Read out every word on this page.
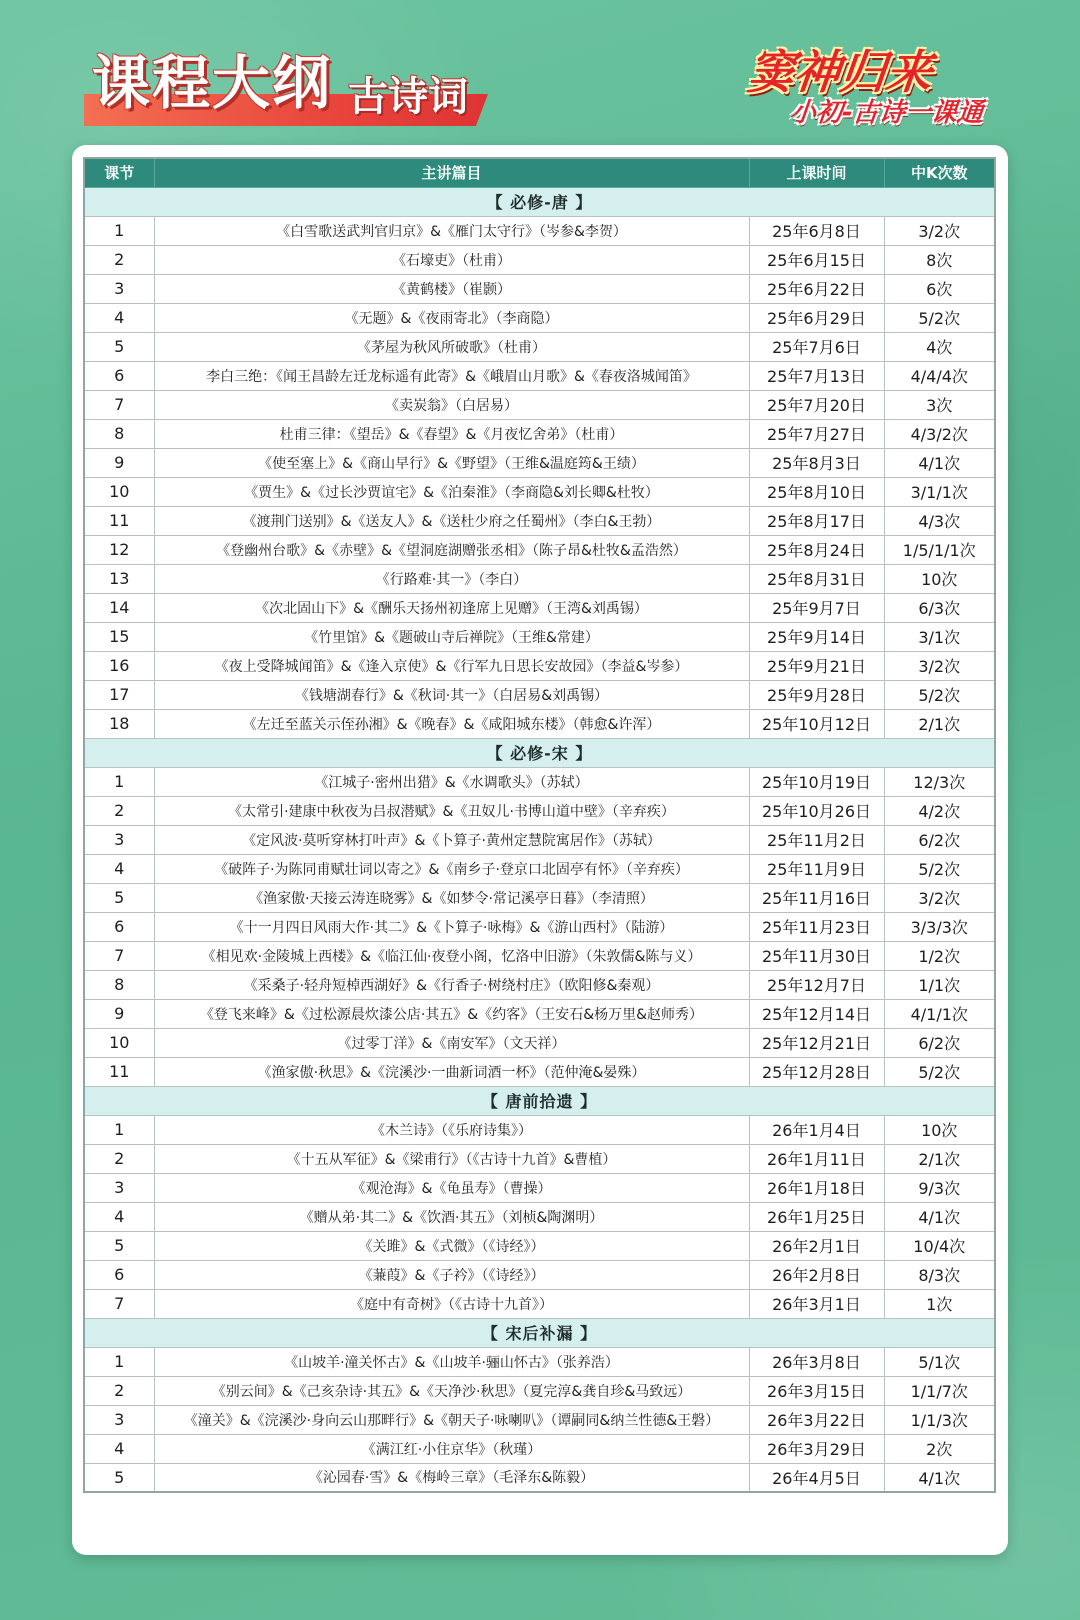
课程大纲 古诗词	窦神归来
小初-古诗一课通
课节	主讲篇目	上课时间	中K次数
【 必修-唐 】			
1	《白雪歌送武判官归京》&《雁门太守行》（岑参&李贺）	25年6月8日	3/2次
2	《石壕吏》（杜甫）	25年6月15日	8次
3	《黄鹤楼》（崔颢）	25年6月22日	6次
4	《无题》&《夜雨寄北》（李商隐）	25年6月29日	5/2次
5	《茅屋为秋风所破歌》（杜甫）	25年7月6日	4次
6	李白三绝：《闻王昌龄左迁龙标遥有此寄》&《峨眉山月歌》&《春夜洛城闻笛》	25年7月13日	4/4/4次
7	《卖炭翁》（白居易）	25年7月20日	3次
8	杜甫三律：《望岳》&《春望》&《月夜忆舍弟》（杜甫）	25年7月27日	4/3/2次
9	《使至塞上》&《商山早行》&《野望》（王维&温庭筠&王绩）	25年8月3日	4/1次
10	《贾生》&《过长沙贾谊宅》&《泊秦淮》（李商隐&刘长卿&杜牧）	25年8月10日	3/1/1次
11	《渡荆门送别》&《送友人》&《送杜少府之任蜀州》（李白&王勃）	25年8月17日	4/3次
12	《登幽州台歌》&《赤壁》&《望洞庭湖赠张丞相》（陈子昂&杜牧&孟浩然）	25年8月24日	1/5/1/1次
13	《行路难·其一》（李白）	25年8月31日	10次
14	《次北固山下》&《酬乐天扬州初逢席上见赠》（王湾&刘禹锡）	25年9月7日	6/3次
15	《竹里馆》&《题破山寺后禅院》（王维&常建）	25年9月14日	3/1次
16	《夜上受降城闻笛》&《逢入京使》&《行军九日思长安故园》（李益&岑参）	25年9月21日	3/2次
17	《钱塘湖春行》&《秋词·其一》（白居易&刘禹锡）	25年9月28日	5/2次
18	《左迁至蓝关示侄孙湘》&《晚春》&《咸阳城东楼》（韩愈&许浑）	25年10月12日	2/1次
【 必修-宋 】			
1	《江城子·密州出猎》&《水调歌头》（苏轼）	25年10月19日	12/3次
2	《太常引·建康中秋夜为吕叔潜赋》&《丑奴儿·书博山道中壁》（辛弃疾）	25年10月26日	4/2次
3	《定风波·莫听穿林打叶声》&《卜算子·黄州定慧院寓居作》（苏轼）	25年11月2日	6/2次
4	《破阵子·为陈同甫赋壮词以寄之》&《南乡子·登京口北固亭有怀》（辛弃疾）	25年11月9日	5/2次
5	《渔家傲·天接云涛连晓雾》&《如梦令·常记溪亭日暮》（李清照）	25年11月16日	3/2次
6	《十一月四日风雨大作·其二》&《卜算子·咏梅》&《游山西村》（陆游）	25年11月23日	3/3/3次
7	《相见欢·金陵城上西楼》&《临江仙·夜登小阁，忆洛中旧游》（朱敦儒&陈与义）	25年11月30日	1/2次
8	《采桑子·轻舟短棹西湖好》&《行香子·树绕村庄》（欧阳修&秦观）	25年12月7日	1/1次
9	《登飞来峰》&《过松源晨炊漆公店·其五》&《约客》（王安石&杨万里&赵师秀）	25年12月14日	4/1/1次
10	《过零丁洋》&《南安军》（文天祥）	25年12月21日	6/2次
11	《渔家傲·秋思》&《浣溪沙·一曲新词酒一杯》（范仲淹&晏殊）	25年12月28日	5/2次
【 唐前拾遗 】			
1	《木兰诗》（《乐府诗集》）	26年1月4日	10次
2	《十五从军征》&《梁甫行》（《古诗十九首》&曹植）	26年1月11日	2/1次
3	《观沧海》&《龟虽寿》（曹操）	26年1月18日	9/3次
4	《赠从弟·其二》&《饮酒·其五》（刘桢&陶渊明）	26年1月25日	4/1次
5	《关雎》&《式微》（《诗经》）	26年2月1日	10/4次
6	《蒹葭》&《子衿》（《诗经》）	26年2月8日	8/3次
7	《庭中有奇树》（《古诗十九首》）	26年3月1日	1次
【 宋后补漏 】			
1	《山坡羊·潼关怀古》&《山坡羊·骊山怀古》（张养浩）	26年3月8日	5/1次
2	《别云间》&《己亥杂诗·其五》&《天净沙·秋思》（夏完淳&龚自珍&马致远）	26年3月15日	1/1/7次
3	《潼关》&《浣溪沙·身向云山那畔行》&《朝天子·咏喇叭》（谭嗣同&纳兰性德&王磐）	26年3月22日	1/1/3次
4	《满江红·小住京华》（秋瑾）	26年3月29日	2次
5	《沁园春·雪》&《梅岭三章》（毛泽东&陈毅）	26年4月5日	4/1次
